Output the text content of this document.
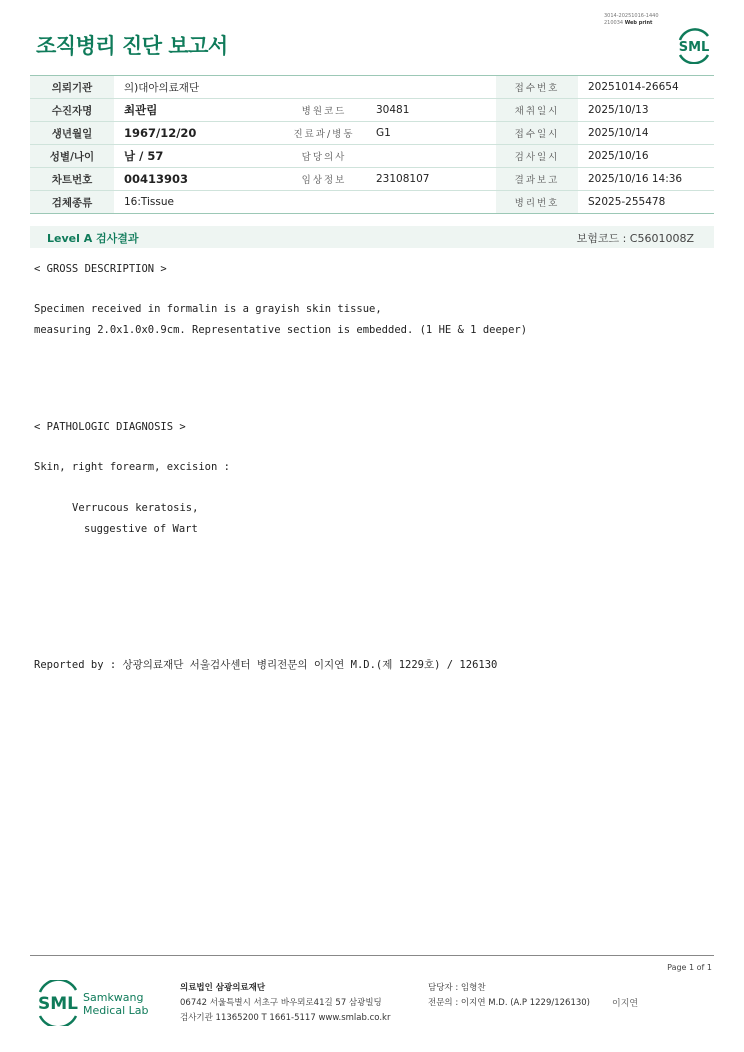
조직병리 진단 보고서
3014-20251016-1440
210034 Web print
SML
의뢰기관	의)대아의료재단			접수번호	20251014-26654
수진자명	최관림	병원코드	30481	채취일시	2025/10/13
생년월일	1967/12/20	진료과/병동	G1	접수일시	2025/10/14
성별/나이	남 / 57	담당의사		검사일시	2025/10/16
차트번호	00413903	임상정보	23108107	결과보고	2025/10/16 14:36
검체종류	16:Tissue			병리번호	S2025-255478
Level A 검사결과	보험코드 : C5601008Z
< GROSS DESCRIPTION >
Specimen received in formalin is a grayish skin tissue,
measuring 2.0x1.0x0.9cm. Representative section is embedded. (1 HE & 1 deeper)
< PATHOLOGIC DIAGNOSIS >
Skin, right forearm, excision :
Verrucous keratosis,
suggestive of Wart
Reported by : 상광의료재단 서울검사센터 병리전문의 이지연 M.D.(제 1229호) / 126130
Page 1 of 1
SML Samkwang
Medical Lab
의료법인 삼광의료재단
06742 서울특별시 서초구 바우뫼로41길 57 삼광빌딩
검사기관 11365200 T 1661-5117 www.smlab.co.kr
담당자 : 임형찬
전문의 : 이지연 M.D. (A.P 1229/126130) 이지연
